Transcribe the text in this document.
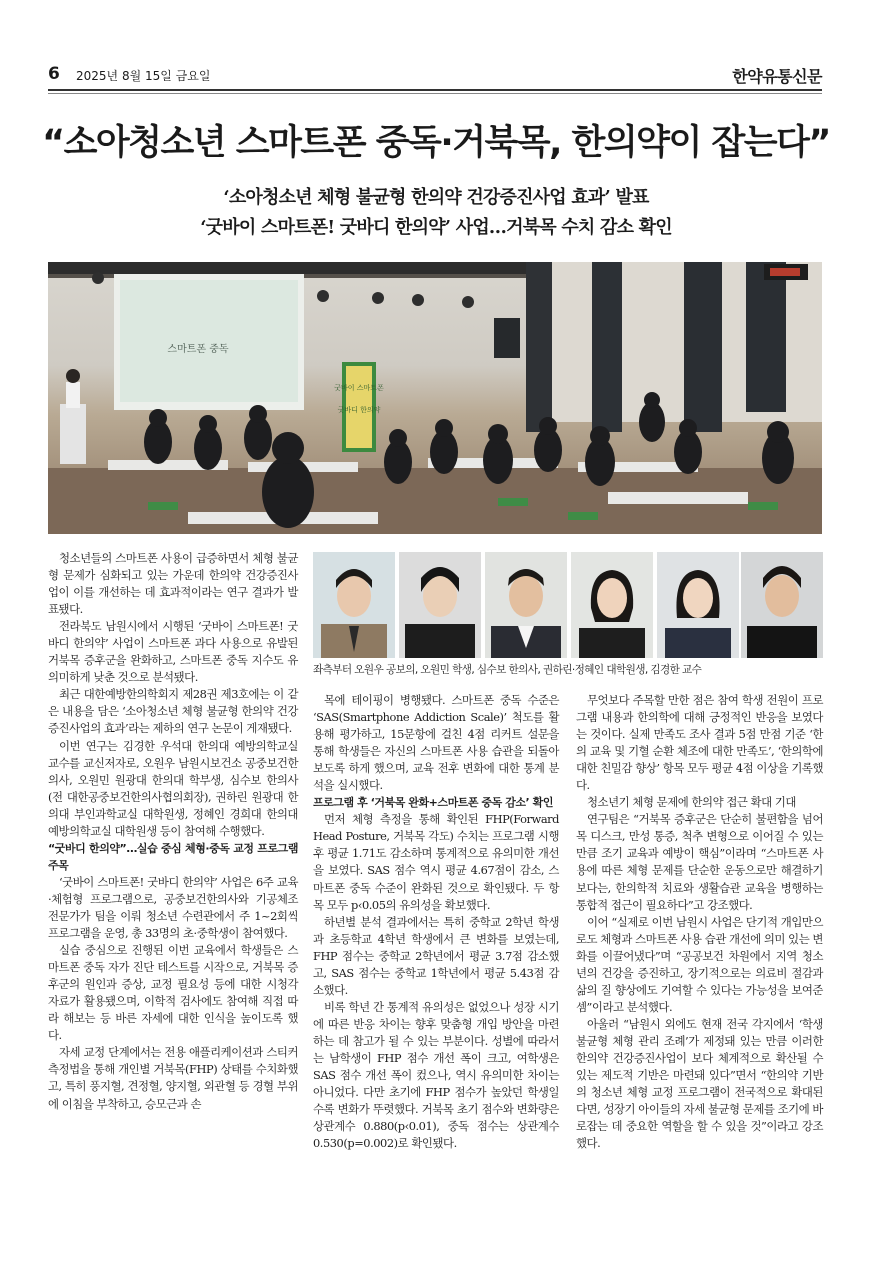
6 2025년 8월 15일 금요일	한약유통신문
“소아청소년 스마트폰 중독·거북목, 한의약이 잡는다”
‘소아청소년 체형 불균형 한의약 건강증진사업 효과’ 발표
‘굿바이 스마트폰! 굿바디 한의약’ 사업…거북목 수치 감소 확인
스마트폰 중독
굿바이 스마트폰
굿바디 한의약
좌측부터 오원우 공보의, 오원민 학생, 심수보 한의사, 권하린·정혜인 대학원생, 김경한 교수

청소년들의 스마트폰 사용이 급증하면서 체형 불균형 문제가 심화되고 있는 가운데 한의약 건강증진사업이 이를 개선하는 데 효과적이라는 연구 결과가 발표됐다.

전라북도 남원시에서 시행된 ‘굿바이 스마트폰! 굿바디 한의약’ 사업이 스마트폰 과다 사용으로 유발된 거북목 증후군을 완화하고, 스마트폰 중독 지수도 유의미하게 낮춘 것으로 분석됐다.

최근 대한예방한의학회지 제28권 제3호에는 이 같은 내용을 담은 ‘소아청소년 체형 불균형 한의약 건강증진사업의 효과’라는 제하의 연구 논문이 게재됐다.

이번 연구는 김경한 우석대 한의대 예방의학교실 교수를 교신저자로, 오원우 남원시보건소 공중보건한의사, 오원민 원광대 한의대 학부생, 심수보 한의사(전 대한공중보건한의사협의회장), 권하린 원광대 한의대 부인과학교실 대학원생, 정혜인 경희대 한의대 예방의학교실 대학원생 등이 참여해 수행했다.

“굿바디 한의약”…실습 중심 체형·중독 교정 프로그램 주목

‘굿바이 스마트폰! 굿바디 한의약’ 사업은 6주 교육·체험형 프로그램으로, 공중보건한의사와 기공체조 전문가가 팀을 이뤄 청소년 수련관에서 주 1~2회씩 프로그램을 운영, 총 33명의 초·중학생이 참여했다.

실습 중심으로 진행된 이번 교육에서 학생들은 스마트폰 중독 자가 진단 테스트를 시작으로, 거북목 증후군의 원인과 증상, 교정 필요성 등에 대한 시청각 자료가 활용됐으며, 이학적 검사에도 참여해 직접 따라 해보는 등 바른 자세에 대한 인식을 높이도록 했다.

자세 교정 단계에서는 전용 애플리케이션과 스티커 측정법을 통해 개인별 거북목(FHP) 상태를 수치화했고, 특히 풍지혈, 견정혈, 양지혈, 외관혈 등 경혈 부위에 이침을 부착하고, 승모근과 손

목에 테이핑이 병행됐다. 스마트폰 중독 수준은 ‘SAS(Smartphone Addiction Scale)’ 척도를 활용해 평가하고, 15문항에 걸친 4점 리커트 설문을 통해 학생들은 자신의 스마트폰 사용 습관을 되돌아보도록 하게 했으며, 교육 전후 변화에 대한 통계 분석을 실시했다.

프로그램 후 ‘거북목 완화+스마트폰 중독 감소’ 확인

먼저 체형 측정을 통해 확인된 FHP(Forward Head Posture, 거북목 각도) 수치는 프로그램 시행 후 평균 1.71도 감소하며 통계적으로 유의미한 개선을 보였다. SAS 점수 역시 평균 4.67점이 감소, 스마트폰 중독 수준이 완화된 것으로 확인됐다. 두 항목 모두 p‹0.05의 유의성을 확보했다.

하년별 분석 결과에서는 특히 중학교 2학년 학생과 초등학교 4학년 학생에서 큰 변화를 보였는데, FHP 점수는 중학교 2학년에서 평균 3.7점 감소했고, SAS 점수는 중학교 1학년에서 평균 5.43점 감소했다.

비록 학년 간 통계적 유의성은 없었으나 성장 시기에 따른 반응 차이는 향후 맞춤형 개입 방안을 마련하는 데 참고가 될 수 있는 부분이다. 성별에 따라서는 남학생이 FHP 점수 개선 폭이 크고, 여학생은 SAS 점수 개선 폭이 컸으나, 역시 유의미한 차이는 아니었다. 다만 초기에 FHP 점수가 높았던 학생일수록 변화가 뚜렷했다. 거북목 초기 점수와 변화량은 상관계수 0.880(p‹0.01), 중독 점수는 상관계수 0.530(p=0.002)로 확인됐다.

무엇보다 주목할 만한 점은 참여 학생 전원이 프로그램 내용과 한의학에 대해 긍정적인 반응을 보였다는 것이다. 실제 만족도 조사 결과 5점 만점 기준 ‘한의 교육 및 기혈 순환 체조에 대한 만족도’, ‘한의학에 대한 친밀감 향상’ 항목 모두 평균 4점 이상을 기록했다.

청소년기 체형 문제에 한의약 접근 확대 기대

연구팀은 “거북목 증후군은 단순히 불편함을 넘어 목 디스크, 만성 통증, 척추 변형으로 이어질 수 있는 만큼 조기 교육과 예방이 핵심”이라며 “스마트폰 사용에 따른 체형 문제를 단순한 운동으로만 해결하기보다는, 한의학적 치료와 생활습관 교육을 병행하는 통합적 접근이 필요하다”고 강조했다.

이어 “실제로 이번 남원시 사업은 단기적 개입만으로도 체형과 스마트폰 사용 습관 개선에 의미 있는 변화를 이끌어냈다”며 “공공보건 차원에서 지역 청소년의 건강을 증진하고, 장기적으로는 의료비 절감과 삶의 질 향상에도 기여할 수 있다는 가능성을 보여준 셈”이라고 분석했다.

아울러 “남원시 외에도 현재 전국 각지에서 ‘학생 불균형 체형 관리 조례’가 제정돼 있는 만큼 이러한 한의약 건강증진사업이 보다 체계적으로 확산될 수 있는 제도적 기반은 마련돼 있다”면서 “한의약 기반의 청소년 체형 교정 프로그램이 전국적으로 확대된다면, 성장기 아이들의 자세 불균형 문제를 조기에 바로잡는 데 중요한 역할을 할 수 있을 것”이라고 강조했다.
